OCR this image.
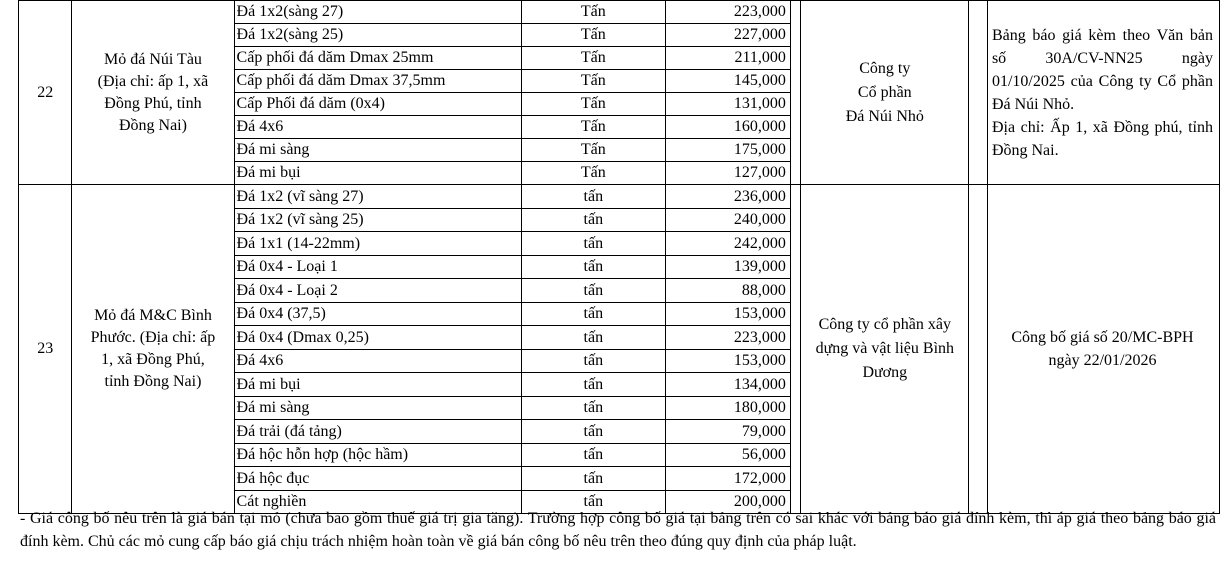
22	Mỏ đá Núi Tàu
(Địa chỉ: ấp 1, xã
Đồng Phú, tỉnh
Đồng Nai)	Đá 1x2(sàng 27)	Tấn	223,000		Công ty
Cổ phần
Đá Núi Nhỏ		Bảng báo giá kèm theo Văn bản số 30A/CV-NN25 ngày 01/10/2025 của Công ty Cổ phần Đá Núi Nhỏ.
Địa chỉ: Ấp 1, xã Đồng phú, tỉnh Đồng Nai.

		Đá 1x2(sàng 25)	Tấn	227,000				
		Cấp phối đá dăm Dmax 25mm	Tấn	211,000				
		Cấp phối đá dăm Dmax 37,5mm	Tấn	145,000				
		Cấp Phối đá dăm (0x4)	Tấn	131,000				
		Đá 4x6	Tấn	160,000				
		Đá mi sàng	Tấn	175,000				
		Đá mi bụi	Tấn	127,000				
23	Mỏ đá M&C Bình
Phước. (Địa chỉ: ấp
1, xã Đồng Phú,
tỉnh Đồng Nai)	Đá 1x2 (vĩ sàng 27)	tấn	236,000		Công ty cổ phần xây
dựng và vật liệu Bình
Dương		Công bố giá số 20/MC-BPH
ngày 22/01/2026

		Đá 1x2 (vĩ sàng 25)	tấn	240,000				
		Đá 1x1 (14-22mm)	tấn	242,000				
		Đá 0x4 - Loại 1	tấn	139,000				
		Đá 0x4 - Loại 2	tấn	88,000				
		Đá 0x4 (37,5)	tấn	153,000				
		Đá 0x4 (Dmax 0,25)	tấn	223,000				
		Đá 4x6	tấn	153,000				
		Đá mi bụi	tấn	134,000				
		Đá mi sàng	tấn	180,000				
		Đá trải (đá tảng)	tấn	79,000				
		Đá hộc hỗn hợp (hộc hầm)	tấn	56,000				
		Đá hộc đục	tấn	172,000				
		Cát nghiền	tấn	200,000				
- Giá công bố nêu trên là giá bán tại mỏ (chưa bao gồm thuế giá trị gia tăng). Trường hợp công bố giá tại bảng trên có sai khác với bảng báo giá đính kèm, thì áp giá theo bảng báo giá đính kèm. Chủ các mỏ cung cấp báo giá chịu trách nhiệm hoàn toàn về giá bán công bố nêu trên theo đúng quy định của pháp luật.
